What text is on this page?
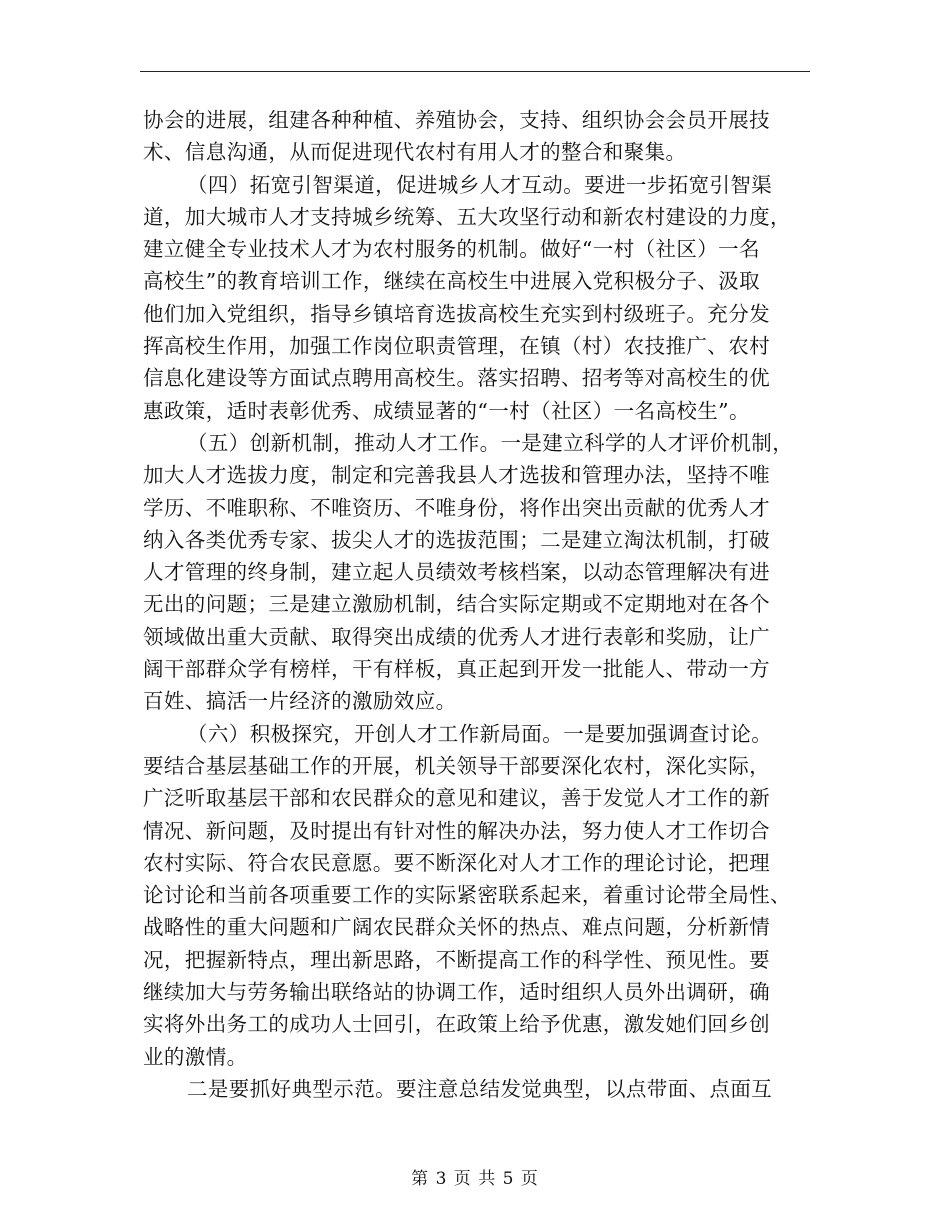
协会的进展，组建各种种植、养殖协会，支持、组织协会会员开展技
术、信息沟通，从而促进现代农村有用人才的整合和聚集。
（四）拓宽引智渠道，促进城乡人才互动。要进一步拓宽引智渠
道，加大城市人才支持城乡统筹、五大攻坚行动和新农村建设的力度，
建立健全专业技术人才为农村服务的机制。做好“一村（社区）一名
高校生”的教育培训工作，继续在高校生中进展入党积极分子、汲取
他们加入党组织，指导乡镇培育选拔高校生充实到村级班子。充分发
挥高校生作用，加强工作岗位职责管理，在镇（村）农技推广、农村
信息化建设等方面试点聘用高校生。落实招聘、招考等对高校生的优
惠政策，适时表彰优秀、成绩显著的“一村（社区）一名高校生”。
（五）创新机制，推动人才工作。一是建立科学的人才评价机制，
加大人才选拔力度，制定和完善我县人才选拔和管理办法，坚持不唯
学历、不唯职称、不唯资历、不唯身份，将作出突出贡献的优秀人才
纳入各类优秀专家、拔尖人才的选拔范围；二是建立淘汰机制，打破
人才管理的终身制，建立起人员绩效考核档案，以动态管理解决有进
无出的问题；三是建立激励机制，结合实际定期或不定期地对在各个
领域做出重大贡献、取得突出成绩的优秀人才进行表彰和奖励，让广
阔干部群众学有榜样，干有样板，真正起到开发一批能人、带动一方
百姓、搞活一片经济的激励效应。
（六）积极探究，开创人才工作新局面。一是要加强调查讨论。
要结合基层基础工作的开展，机关领导干部要深化农村，深化实际，
广泛听取基层干部和农民群众的意见和建议，善于发觉人才工作的新
情况、新问题，及时提出有针对性的解决办法，努力使人才工作切合
农村实际、符合农民意愿。要不断深化对人才工作的理论讨论，把理
论讨论和当前各项重要工作的实际紧密联系起来，着重讨论带全局性、
战略性的重大问题和广阔农民群众关怀的热点、难点问题，分析新情
况，把握新特点，理出新思路，不断提高工作的科学性、预见性。要
继续加大与劳务输出联络站的协调工作，适时组织人员外出调研，确
实将外出务工的成功人士回引，在政策上给予优惠，激发她们回乡创
业的激情。
二是要抓好典型示范。要注意总结发觉典型，以点带面、点面互
第 3 页 共 5 页
